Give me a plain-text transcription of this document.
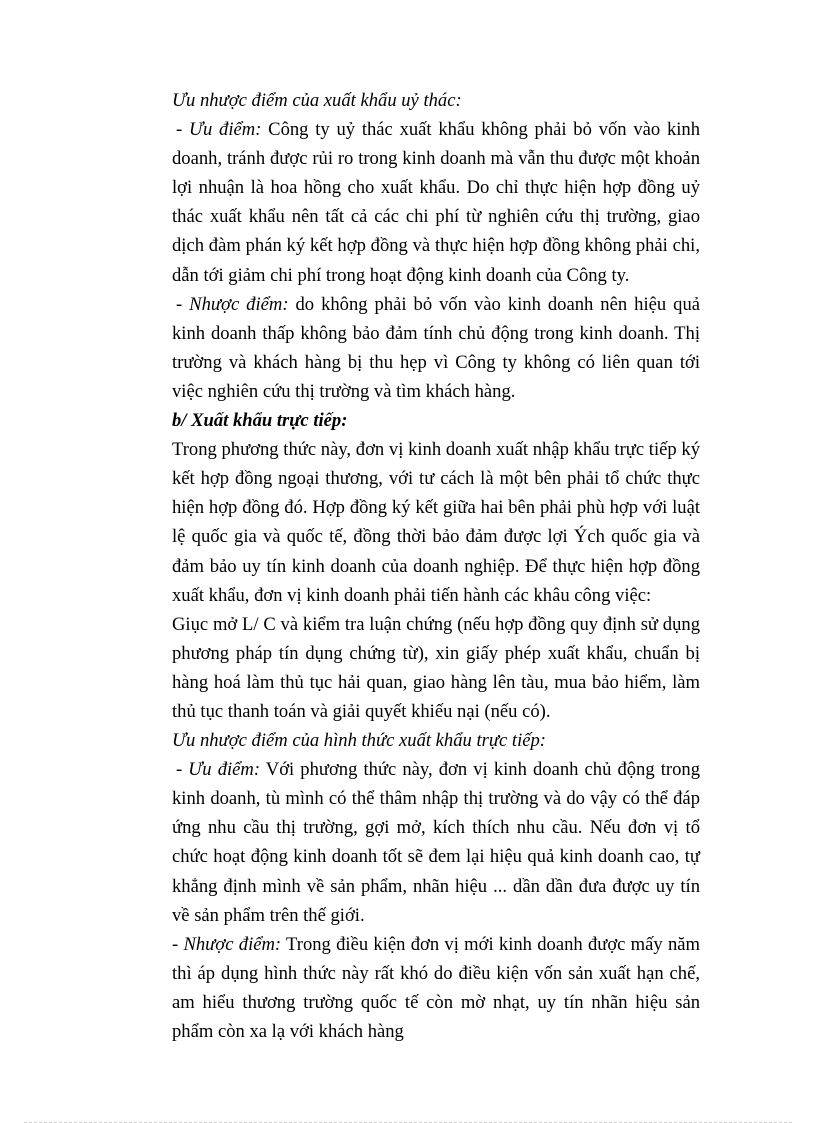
Ưu nhược điểm của xuất khẩu uỷ thác:

- Ưu điểm: Công ty uỷ thác xuất khẩu không phải bỏ vốn vào kinh doanh, tránh được rủi ro trong kinh doanh mà vẫn thu được một khoản lợi nhuận là hoa hồng cho xuất khẩu. Do chỉ thực hiện hợp đồng uỷ thác xuất khẩu nên tất cả các chi phí từ nghiên cứu thị trường, giao dịch đàm phán ký kết hợp đồng và thực hiện hợp đồng không phải chi, dẫn tới giảm chi phí trong hoạt động kinh doanh của Công ty.

- Nhược điểm: do không phải bỏ vốn vào kinh doanh nên hiệu quả kinh doanh thấp không bảo đảm tính chủ động trong kinh doanh. Thị trường và khách hàng bị thu hẹp vì Công ty không có liên quan tới việc nghiên cứu thị trường và tìm khách hàng.

b/ Xuất khẩu trực tiếp:

Trong phương thức này, đơn vị kinh doanh xuất nhập khẩu trực tiếp ký kết hợp đồng ngoại thương, với tư cách là một bên phải tổ chức thực hiện hợp đồng đó. Hợp đồng ký kết giữa hai bên phải phù hợp với luật lệ quốc gia và quốc tế, đồng thời bảo đảm được lợi Ých quốc gia và đảm bảo uy tín kinh doanh của doanh nghiệp. Để thực hiện hợp đồng xuất khẩu, đơn vị kinh doanh phải tiến hành các khâu công việc:

Giục mở L/ C và kiểm tra luận chứng (nếu hợp đồng quy định sử dụng phương pháp tín dụng chứng từ), xin giấy phép xuất khẩu, chuẩn bị hàng hoá làm thủ tục hải quan, giao hàng lên tàu, mua bảo hiểm, làm thủ tục thanh toán và giải quyết khiếu nại (nếu có).

Ưu nhược điểm của hình thức xuất khẩu trực tiếp:

- Ưu điểm: Với phương thức này, đơn vị kinh doanh chủ động trong kinh doanh, tù mình có thể thâm nhập thị trường và do vậy có thể đáp ứng nhu cầu thị trường, gợi mở, kích thích nhu cầu. Nếu đơn vị tổ chức hoạt động kinh doanh tốt sẽ đem lại hiệu quả kinh doanh cao, tự khẳng định mình về sản phẩm, nhãn hiệu ... dần dần đưa được uy tín về sản phẩm trên thế giới.

- Nhược điểm: Trong điều kiện đơn vị mới kinh doanh được mấy năm thì áp dụng hình thức này rất khó do điều kiện vốn sản xuất hạn chế, am hiểu thương trường quốc tế còn mờ nhạt, uy tín nhãn hiệu sản phẩm còn xa lạ với khách hàng
